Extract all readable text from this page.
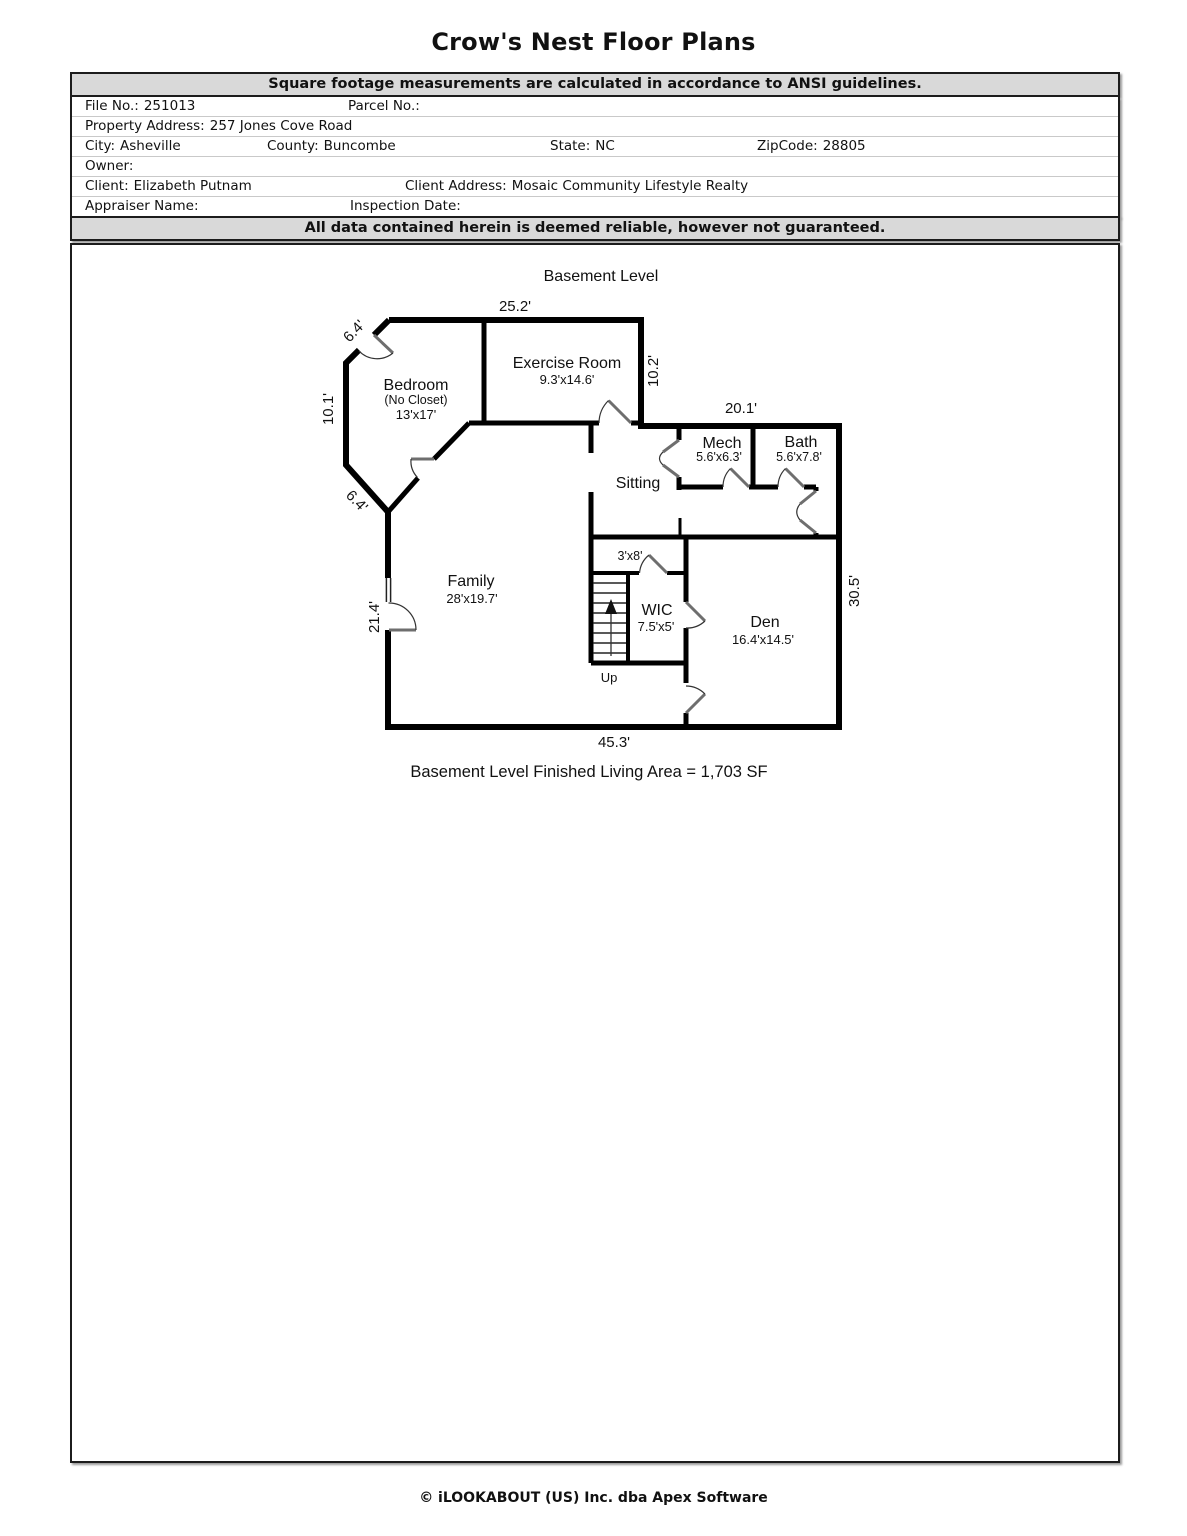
Crow's Nest Floor Plans
Square footage measurements are calculated in accordance to ANSI guidelines.
File No.: 251013	Parcel No.:
Property Address: 257 Jones Cove Road
City: Asheville	County: Buncombe	State: NC	ZipCode: 28805
Owner:
Client: Elizabeth Putnam	Client Address: Mosaic Community Lifestyle Realty
Appraiser Name:	Inspection Date:
All data contained herein is deemed reliable, however not guaranteed.
Basement Level
25.2'
6.4'
10.1'
6.4'
21.4'
10.2'
20.1'
30.5'
45.3'
Bedroom
(No Closet)
13'x17'
Exercise Room
9.3'x14.6'
Mech
5.6'x6.3'
Bath
5.6'x7.8'
Sitting
Family
28'x19.7'
3'x8'
WIC
7.5'x5'	Den
16.4'x14.5'
Up
Basement Level Finished Living Area = 1,703 SF
© iLOOKABOUT (US) Inc. dba Apex Software
